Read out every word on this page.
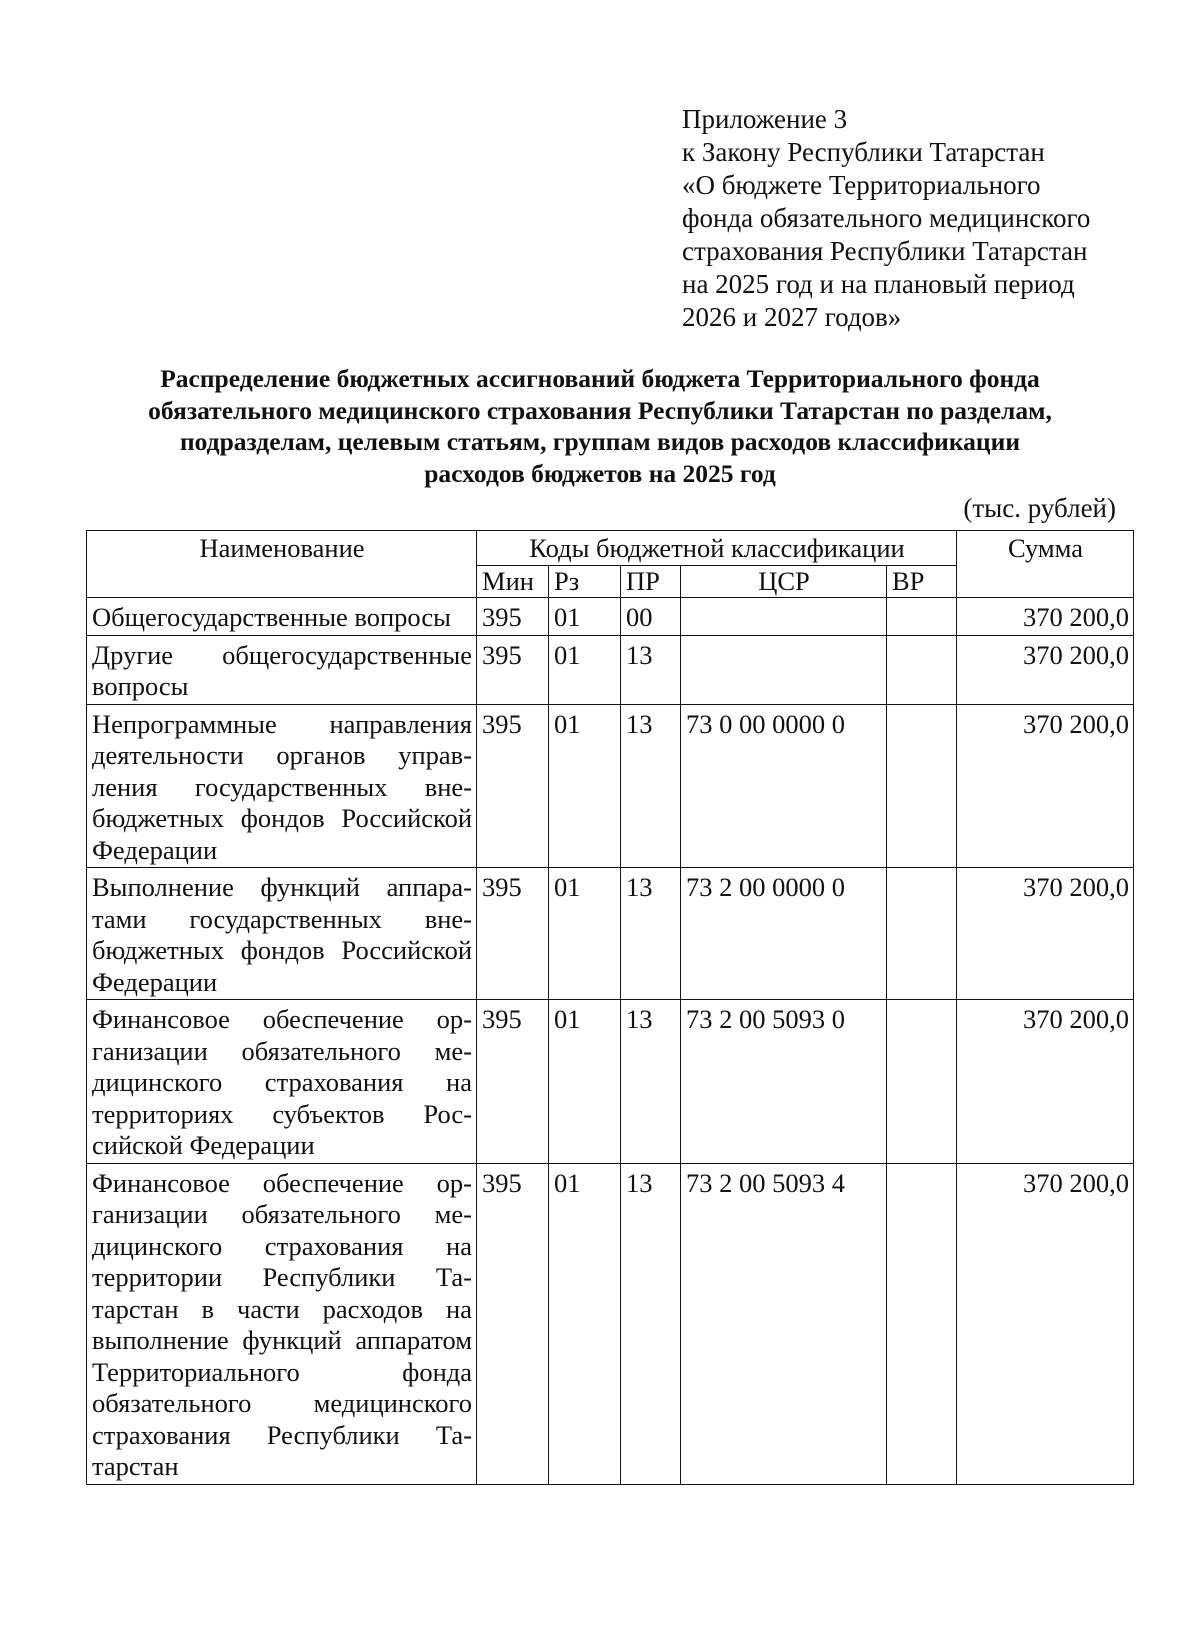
Приложение 3
к Закону Республики Татарстан
«О бюджете Территориального
фонда обязательного медицинского
страхования Республики Татарстан
на 2025 год и на плановый период
2026 и 2027 годов»
Распределение бюджетных ассигнований бюджета Территориального фонда
обязательного медицинского страхования Республики Татарстан по разделам,
подразделам, целевым статьям, группам видов расходов классификации
расходов бюджетов на 2025 год
(тыс. рублей)
Наименование	Коды бюджетной классификации					Сумма
	Мин	Рз	ПР	ЦСР	ВР	
Общегосударственные вопросы	395	01	00			370 200,0
Другие общегосударственные вопросы	395	01	13			370 200,0
Непрограммные направления деятельности органов управления государственных внебюджетных фондов Российской Федерации	395	01	13	73 0 00 0000 0		370 200,0
Выполнение функций аппаратами государственных внебюджетных фондов Российской Федерации	395	01	13	73 2 00 0000 0		370 200,0
Финансовое обеспечение организации обязательного медицинского страхования на территориях субъектов Российской Федерации	395	01	13	73 2 00 5093 0		370 200,0
Финансовое обеспечение организации обязательного медицинского страхования на территории Республики Татарстан в части расходов на выполнение функций аппаратом Территориального фонда обязательного медицинского страхования Республики Татарстан	395	01	13	73 2 00 5093 4		370 200,0
